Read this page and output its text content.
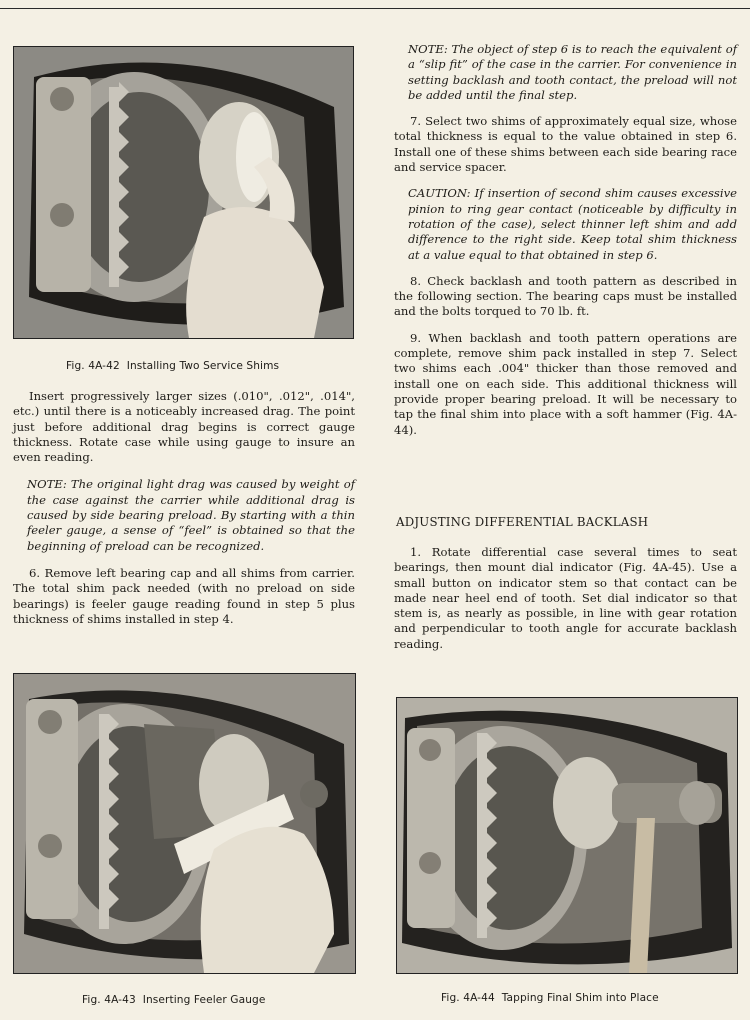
Fig. 4A-42 Installing Two Service Shims

Insert progressively larger sizes (.010", .012", .014", etc.) until there is a noticeably increased drag. The point just before additional drag begins is correct gauge thickness. Rotate case while using gauge to insure an even reading.

NOTE: The original light drag was caused by weight of the case against the carrier while additional drag is caused by side bearing preload. By starting with a thin feeler gauge, a sense of “feel” is obtained so that the beginning of preload can be recognized.

6. Remove left bearing cap and all shims from carrier. The total shim pack needed (with no preload on side bearings) is feeler gauge reading found in step 5 plus thickness of shims installed in step 4.

NOTE: The object of step 6 is to reach the equivalent of a “slip fit” of the case in the carrier. For convenience in setting backlash and tooth contact, the preload will not be added until the final step.

7. Select two shims of approximately equal size, whose total thickness is equal to the value obtained in step 6. Install one of these shims between each side bearing race and service spacer.

CAUTION: If insertion of second shim causes excessive pinion to ring gear contact (noticeable by difficulty in rotation of the case), select thinner left shim and add difference to the right side. Keep total shim thickness at a value equal to that obtained in step 6.

8. Check backlash and tooth pattern as described in the following section. The bearing caps must be installed and the bolts torqued to 70 lb. ft.

9. When backlash and tooth pattern operations are complete, remove shim pack installed in step 7. Select two shims each .004" thicker than those removed and install one on each side. This additional thickness will provide proper bearing preload. It will be necessary to tap the final shim into place with a soft hammer (Fig. 4A-44).

ADJUSTING DIFFERENTIAL BACKLASH

1. Rotate differential case several times to seat bearings, then mount dial indicator (Fig. 4A-45). Use a small button on indicator stem so that contact can be made near heel end of tooth. Set dial indicator so that stem is, as nearly as possible, in line with gear rotation and perpendicular to tooth angle for accurate backlash reading.

Fig. 4A-43 Inserting Feeler Gauge	Fig. 4A-44 Tapping Final Shim into Place
